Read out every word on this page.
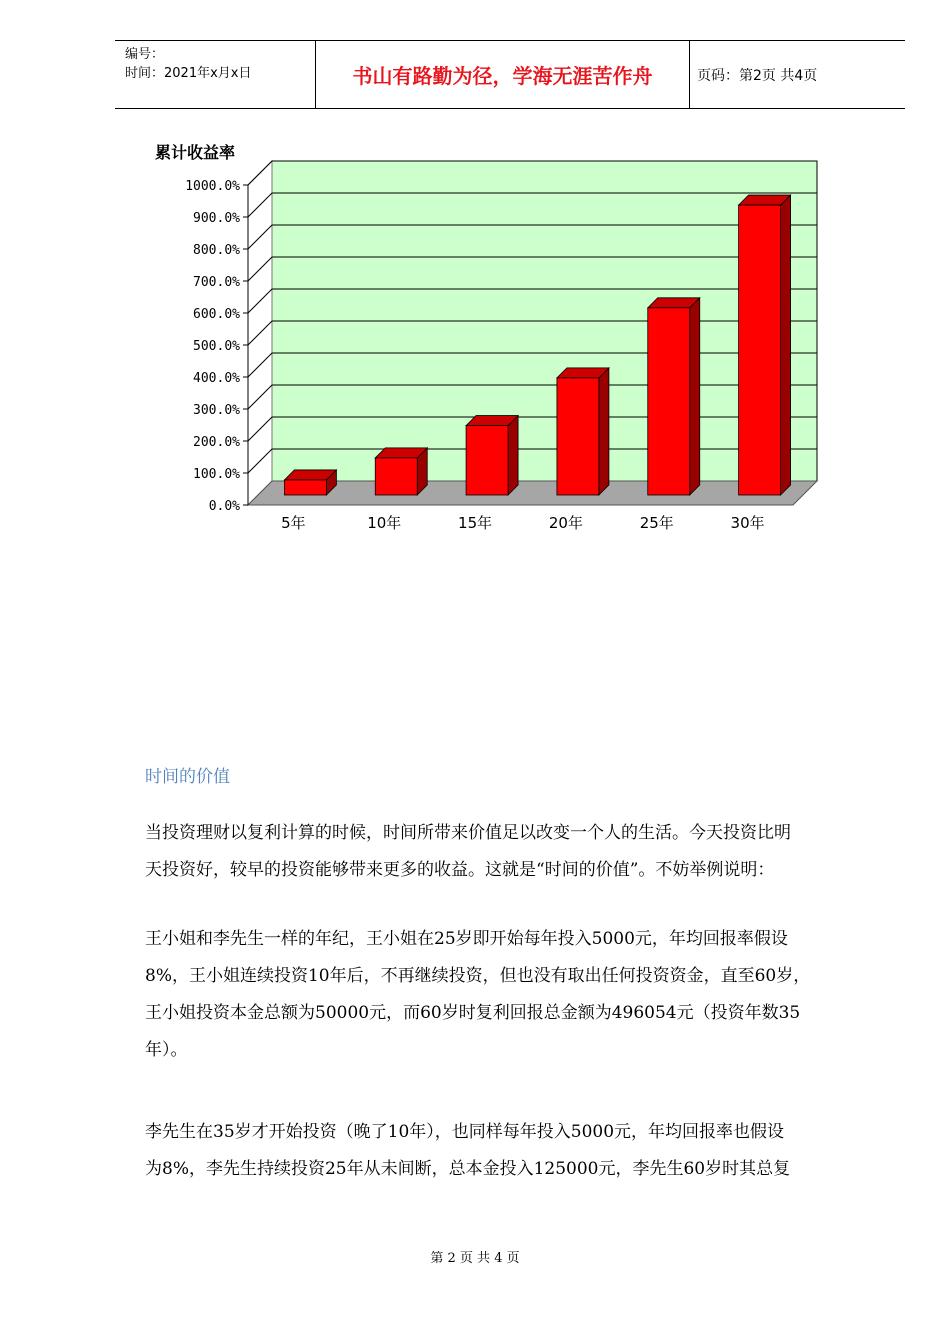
编号：
时间：2021年x月x日	书山有路勤为径，学海无涯苦作舟	页码：第2页 共4页
累计收益率
0.0%
100.0%
200.0%
300.0%
400.0%
500.0%
600.0%
700.0%
800.0%
900.0%
1000.0%
5年	10年	15年	20年	25年	30年
时间的价值
当投资理财以复利计算的时候，时间所带来价值足以改变一个人的生活。今天投资比明
天投资好，较早的投资能够带来更多的收益。这就是“时间的价值”。不妨举例说明：
王小姐和李先生一样的年纪，王小姐在25岁即开始每年投入5000元，年均回报率假设
8%，王小姐连续投资10年后，不再继续投资，但也没有取出任何投资资金，直至60岁，
王小姐投资本金总额为50000元，而60岁时复利回报总金额为496054元（投资年数35
年）。
李先生在35岁才开始投资（晚了10年），也同样每年投入5000元，年均回报率也假设
为8%，李先生持续投资25年从未间断，总本金投入125000元，李先生60岁时其总复
第 2 页 共 4 页
